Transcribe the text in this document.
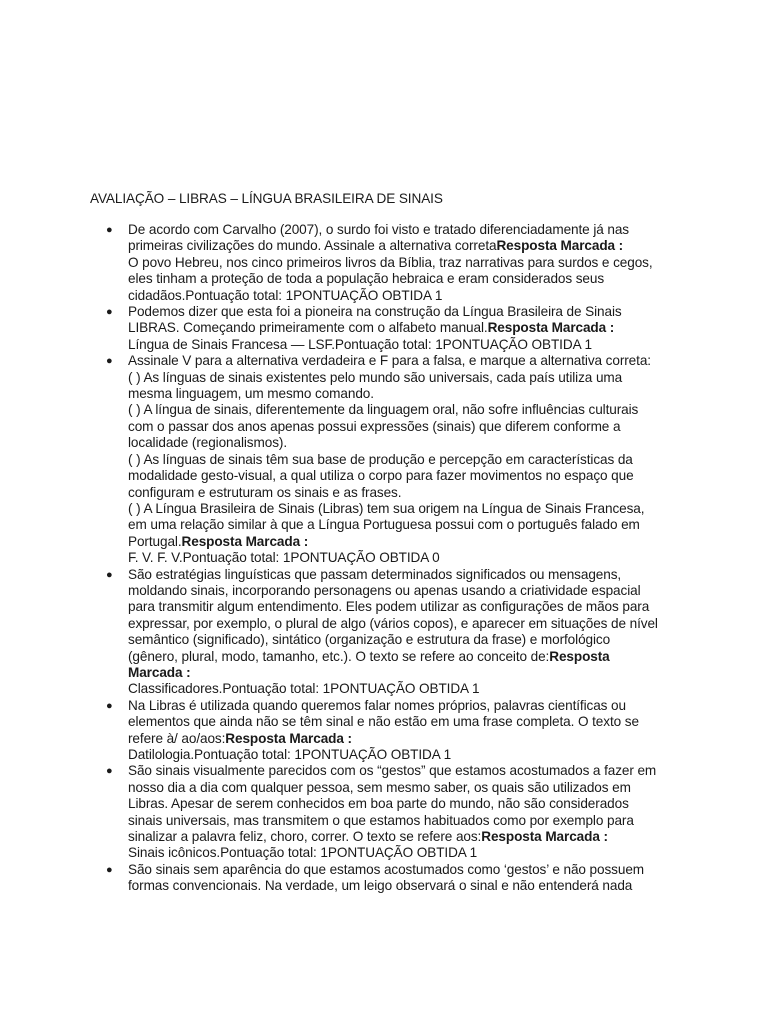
AVALIAÇÃO – LIBRAS – LÍNGUA BRASILEIRA DE SINAIS
● De acordo com Carvalho (2007), o surdo foi visto e tratado diferenciadamente já nas primeiras civilizações do mundo. Assinale a alternativa corretaResposta Marcada :
O povo Hebreu, nos cinco primeiros livros da Bíblia, traz narrativas para surdos e cegos, eles tinham a proteção de toda a população hebraica e eram considerados seus cidadãos.Pontuação total: 1PONTUAÇÃO OBTIDA 1
● Podemos dizer que esta foi a pioneira na construção da Língua Brasileira de Sinais LIBRAS. Começando primeiramente com o alfabeto manual.Resposta Marcada :
Língua de Sinais Francesa — LSF.Pontuação total: 1PONTUAÇÃO OBTIDA 1
● Assinale V para a alternativa verdadeira e F para a falsa, e marque a alternativa correta:
( ) As línguas de sinais existentes pelo mundo são universais, cada país utiliza uma mesma linguagem, um mesmo comando.
( ) A língua de sinais, diferentemente da linguagem oral, não sofre influências culturais com o passar dos anos apenas possui expressões (sinais) que diferem conforme a localidade (regionalismos).
( ) As línguas de sinais têm sua base de produção e percepção em características da modalidade gesto-visual, a qual utiliza o corpo para fazer movimentos no espaço que configuram e estruturam os sinais e as frases.
( ) A Língua Brasileira de Sinais (Libras) tem sua origem na Língua de Sinais Francesa, em uma relação similar à que a Língua Portuguesa possui com o português falado em Portugal.Resposta Marcada :
F. V. F. V.Pontuação total: 1PONTUAÇÃO OBTIDA 0
● São estratégias linguísticas que passam determinados significados ou mensagens, moldando sinais, incorporando personagens ou apenas usando a criatividade espacial para transmitir algum entendimento. Eles podem utilizar as configurações de mãos para expressar, por exemplo, o plural de algo (vários copos), e aparecer em situações de nível semântico (significado), sintático (organização e estrutura da frase) e morfológico (gênero, plural, modo, tamanho, etc.). O texto se refere ao conceito de:Resposta Marcada :
Classificadores.Pontuação total: 1PONTUAÇÃO OBTIDA 1
● Na Libras é utilizada quando queremos falar nomes próprios, palavras científicas ou elementos que ainda não se têm sinal e não estão em uma frase completa. O texto se refere à/ ao/aos:Resposta Marcada :
Datilologia.Pontuação total: 1PONTUAÇÃO OBTIDA 1
● São sinais visualmente parecidos com os “gestos” que estamos acostumados a fazer em nosso dia a dia com qualquer pessoa, sem mesmo saber, os quais são utilizados em Libras. Apesar de serem conhecidos em boa parte do mundo, não são considerados sinais universais, mas transmitem o que estamos habituados como por exemplo para sinalizar a palavra feliz, choro, correr. O texto se refere aos:Resposta Marcada :
Sinais icônicos.Pontuação total: 1PONTUAÇÃO OBTIDA 1
● São sinais sem aparência do que estamos acostumados como ‘gestos’ e não possuem formas convencionais. Na verdade, um leigo observará o sinal e não entenderá nada
